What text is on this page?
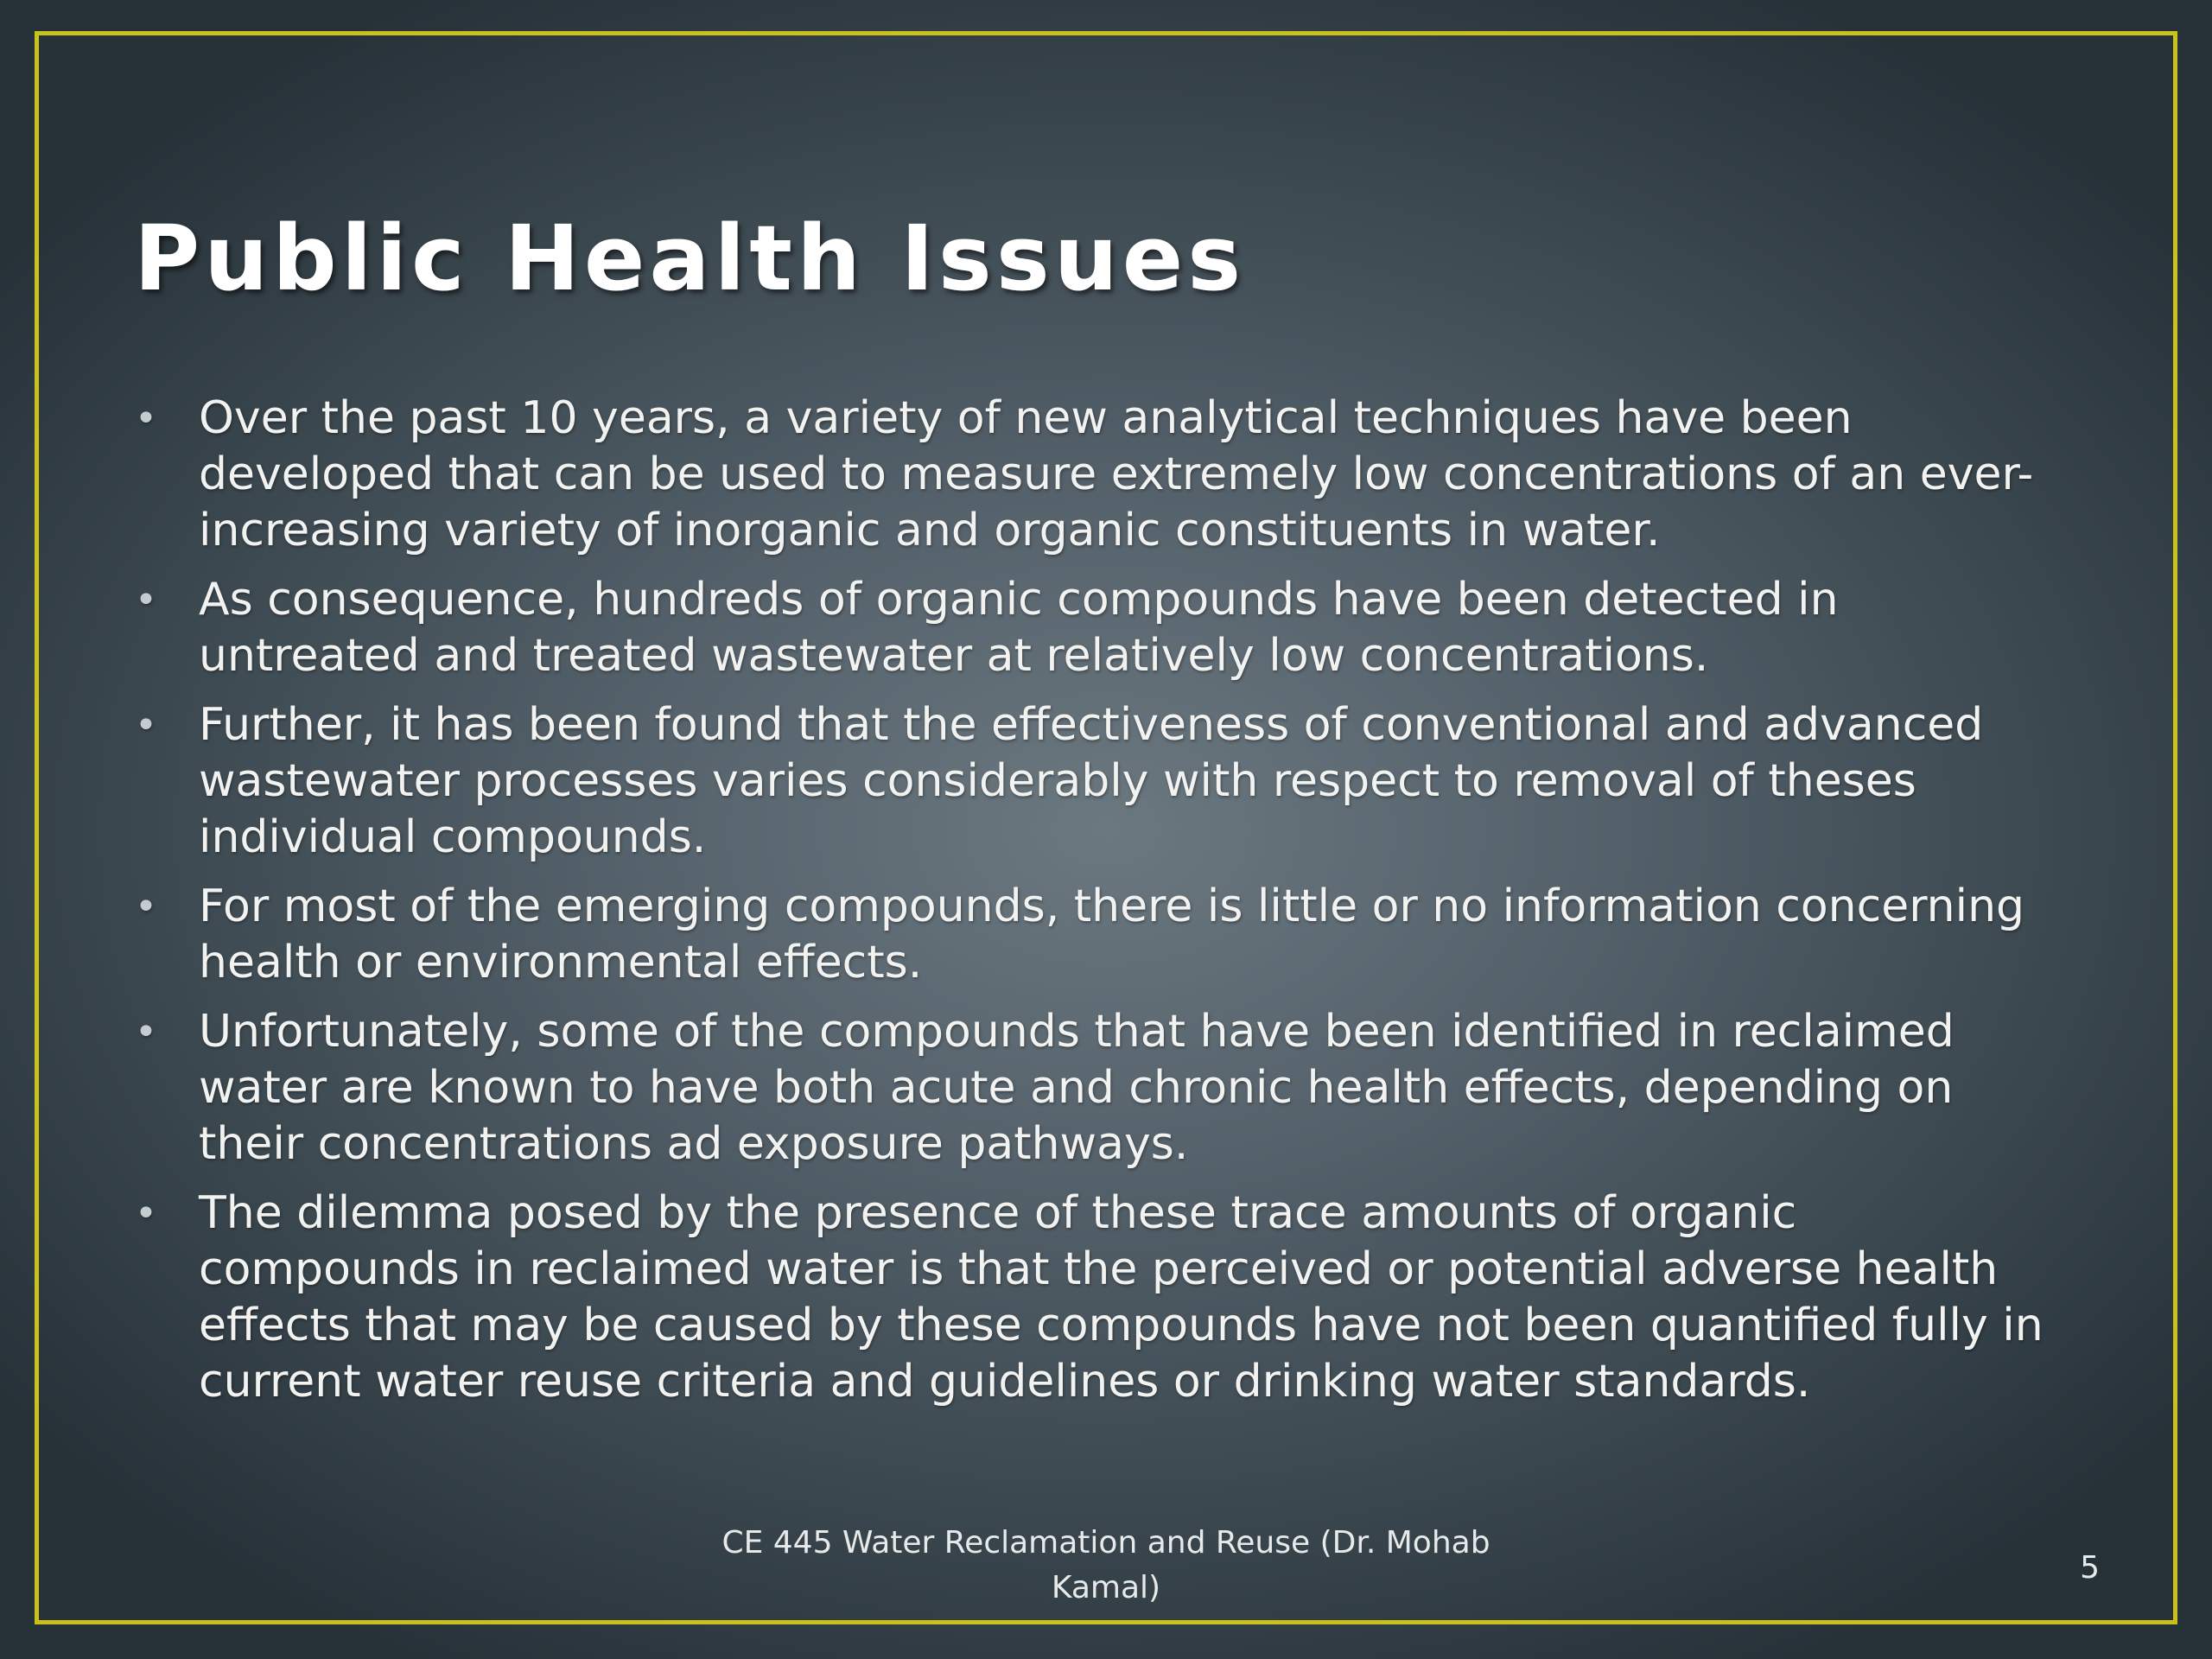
Public Health Issues
• Over the past 10 years, a variety of new analytical techniques have been developed that can be used to measure extremely low concentrations of an ever-increasing variety of inorganic and organic constituents in water.
• As consequence, hundreds of organic compounds have been detected in untreated and treated wastewater at relatively low concentrations.
• Further, it has been found that the effectiveness of conventional and advanced wastewater processes varies considerably with respect to removal of theses individual compounds.
• For most of the emerging compounds, there is little or no information concerning health or environmental effects.
• Unfortunately, some of the compounds that have been identified in reclaimed water are known to have both acute and chronic health effects, depending on their concentrations ad exposure pathways.
• The dilemma posed by the presence of these trace amounts of organic compounds in reclaimed water is that the perceived or potential adverse health effects that may be caused by these compounds have not been quantified fully in current water reuse criteria and guidelines or drinking water standards.
CE 445 Water Reclamation and Reuse (Dr. Mohab Kamal)
5
